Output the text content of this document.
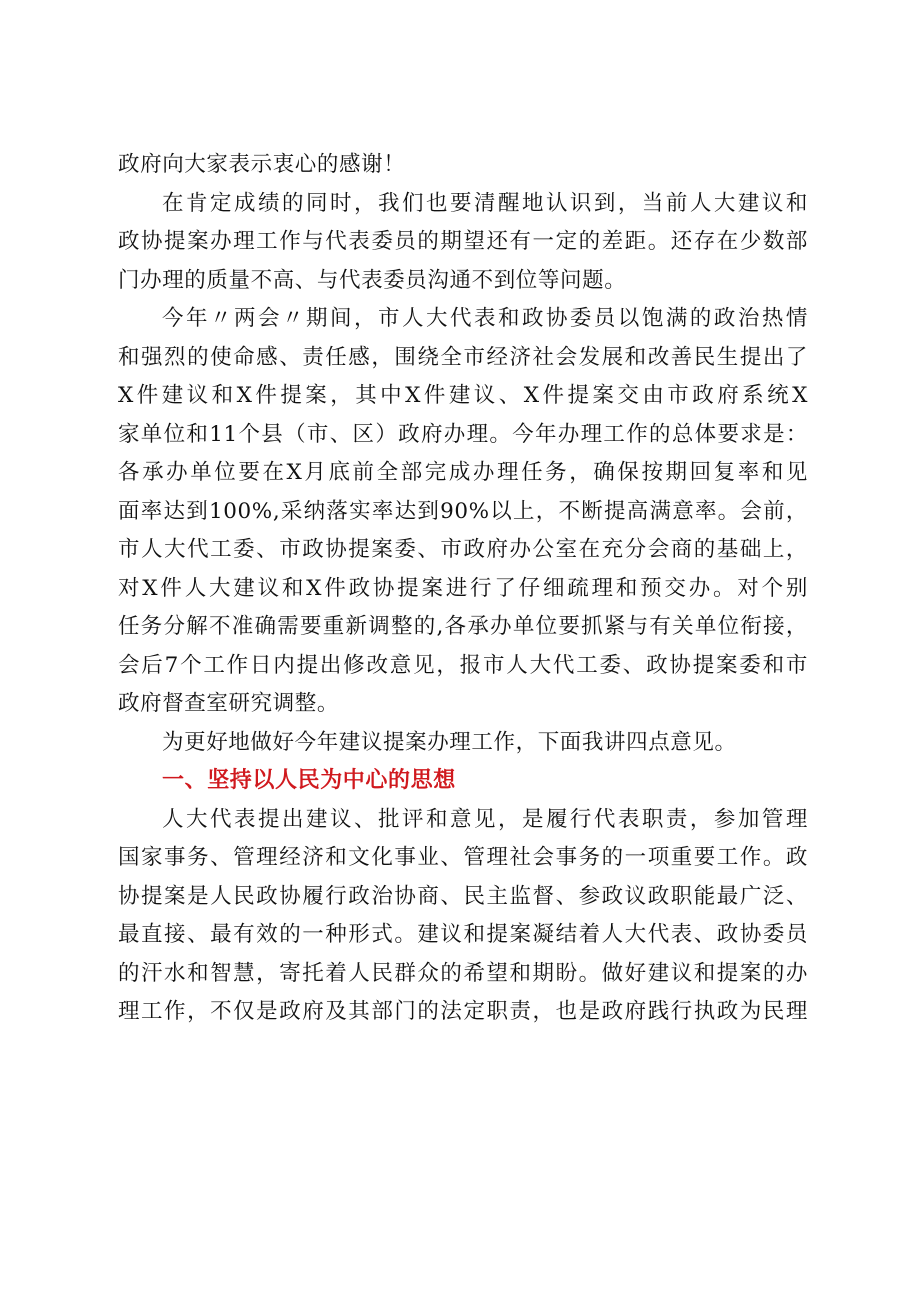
政府向大家表示衷心的感谢！
在肯定成绩的同时，我们也要清醒地认识到，当前人大建议和
政协提案办理工作与代表委员的期望还有一定的差距。还存在少数部
门办理的质量不高、与代表委员沟通不到位等问题。
今年〃两会〃期间，市人大代表和政协委员以饱满的政治热情
和强烈的使命感、责任感，围绕全市经济社会发展和改善民生提出了
X件建议和X件提案，其中X件建议、X件提案交由市政府系统X
家单位和11个县（市、区）政府办理。今年办理工作的总体要求是：
各承办单位要在X月底前全部完成办理任务，确保按期回复率和见
面率达到100%,采纳落实率达到90%以上，不断提高满意率。会前，
市人大代工委、市政协提案委、市政府办公室在充分会商的基础上，
对X件人大建议和X件政协提案进行了仔细疏理和预交办。对个别
任务分解不准确需要重新调整的,各承办单位要抓紧与有关单位衔接，
会后7个工作日内提出修改意见，报市人大代工委、政协提案委和市
政府督查室研究调整。
为更好地做好今年建议提案办理工作，下面我讲四点意见。
一、坚持以人民为中心的思想
人大代表提出建议、批评和意见，是履行代表职责，参加管理
国家事务、管理经济和文化事业、管理社会事务的一项重要工作。政
协提案是人民政协履行政治协商、民主监督、参政议政职能最广泛、
最直接、最有效的一种形式。建议和提案凝结着人大代表、政协委员
的汗水和智慧，寄托着人民群众的希望和期盼。做好建议和提案的办
理工作，不仅是政府及其部门的法定职责，也是政府践行执政为民理
